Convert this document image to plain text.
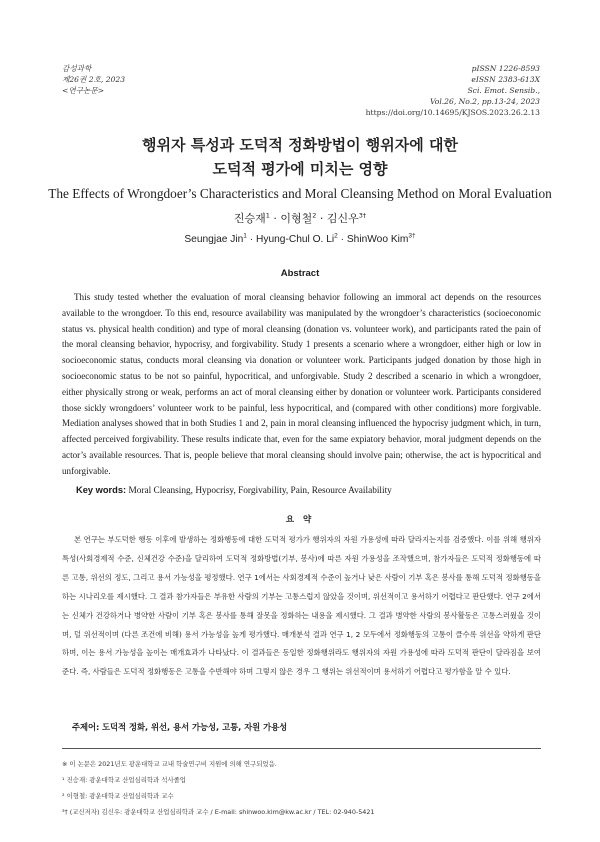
감성과학
제26권 2호, 2023
<연구논문>
pISSN 1226-8593
eISSN 2383-613X
Sci. Emot. Sensib.,
Vol.26, No.2, pp.13-24, 2023
https://doi.org/10.14695/KJSOS.2023.26.2.13
행위자 특성과 도덕적 정화방법이 행위자에 대한
도덕적 평가에 미치는 영향
The Effects of Wrongdoer’s Characteristics and Moral Cleansing Method on Moral Evaluation
진승재$^1$ · 이형철$^2$ · 김신우$^{3\dagger}$
Seungjae Jin$^1$ · Hyung-Chul O. $Li^2$ · ShinWoo Kim$^{3\dagger}$
Abstract

This study tested whether the evaluation of moral cleansing behavior following an immoral act depends on the resources available to the wrongdoer. To this end, resource availability was manipulated by the wrongdoer’s characteristics (socioeconomic status vs. physical health condition) and type of moral cleansing (donation vs. volunteer work), and participants rated the pain of the moral cleansing behavior, hypocrisy, and forgivability. Study 1 presents a scenario where a wrongdoer, either high or low in socioeconomic status, conducts moral cleansing via donation or volunteer work. Participants judged donation by those high in socioeconomic status to be not so painful, hypocritical, and unforgivable. Study 2 described a scenario in which a wrongdoer, either physically strong or weak, performs an act of moral cleansing either by donation or volunteer work. Participants considered those sickly wrongdoers’ volunteer work to be painful, less hypocritical, and (compared with other conditions) more forgivable. Mediation analyses showed that in both Studies 1 and 2, pain in moral cleansing influenced the hypocrisy judgment which, in turn, affected perceived forgivability. These results indicate that, even for the same expiatory behavior, moral judgment depends on the actor’s available resources. That is, people believe that moral cleansing should involve pain; otherwise, the act is hypocritical and unforgivable.

Key words: Moral Cleansing, Hypocrisy, Forgivability, Pain, Resource Availability
요 약

본 연구는 부도덕한 행동 이후에 발생하는 정화행동에 대한 도덕적 평가가 행위자의 자원 가용성에 따라 달라지는지를 검증했다. 이를 위해 행위자 특성(사회경제적 수준, 신체건강 수준)을 달리하여 도덕적 정화방법(기부, 봉사)에 따른 자원 가용성을 조작했으며, 참가자들은 도덕적 정화행동에 따른 고통, 위선의 정도, 그리고 용서 가능성을 평정했다. 연구 1에서는 사회경제적 수준이 높거나 낮은 사람이 기부 혹은 봉사를 통해 도덕적 정화행동을 하는 시나리오를 제시했다. 그 결과 참가자들은 부유한 사람의 기부는 고통스럽지 않았을 것이며, 위선적이고 용서하기 어렵다고 판단했다. 연구 2에서는 신체가 건강하거나 병약한 사람이 기부 혹은 봉사를 통해 잘못을 정화하는 내용을 제시했다. 그 결과 병약한 사람의 봉사활동은 고통스러웠을 것이며, 덜 위선적이며 (다른 조건에 비해) 용서 가능성을 높게 평가했다. 매개분석 결과 연구 1, 2 모두에서 정화행동의 고통이 클수록 위선을 약하게 판단하며, 이는 용서 가능성을 높이는 매개효과가 나타났다. 이 결과들은 동일한 정화행위라도 행위자의 자원 가용성에 따라 도덕적 판단이 달라짐을 보여준다. 즉, 사람들은 도덕적 정화행동은 고통을 수반해야 하며 그렇지 않은 경우 그 행위는 위선적이며 용서하기 어렵다고 평가함을 알 수 있다.

주제어: 도덕적 정화, 위선, 용서 가능성, 고통, 자원 가용성
※ 이 논문은 2021년도 광운대학교 교내 학술연구비 지원에 의해 연구되었음.
¹ 진승재: 광운대학교 산업심리학과 석사졸업
² 이형철: 광운대학교 산업심리학과 교수
³† (교신저자) 김신우: 광운대학교 산업심리학과 교수 / E-mail: shinwoo.kim@kw.ac.kr / TEL: 02-940-5421
